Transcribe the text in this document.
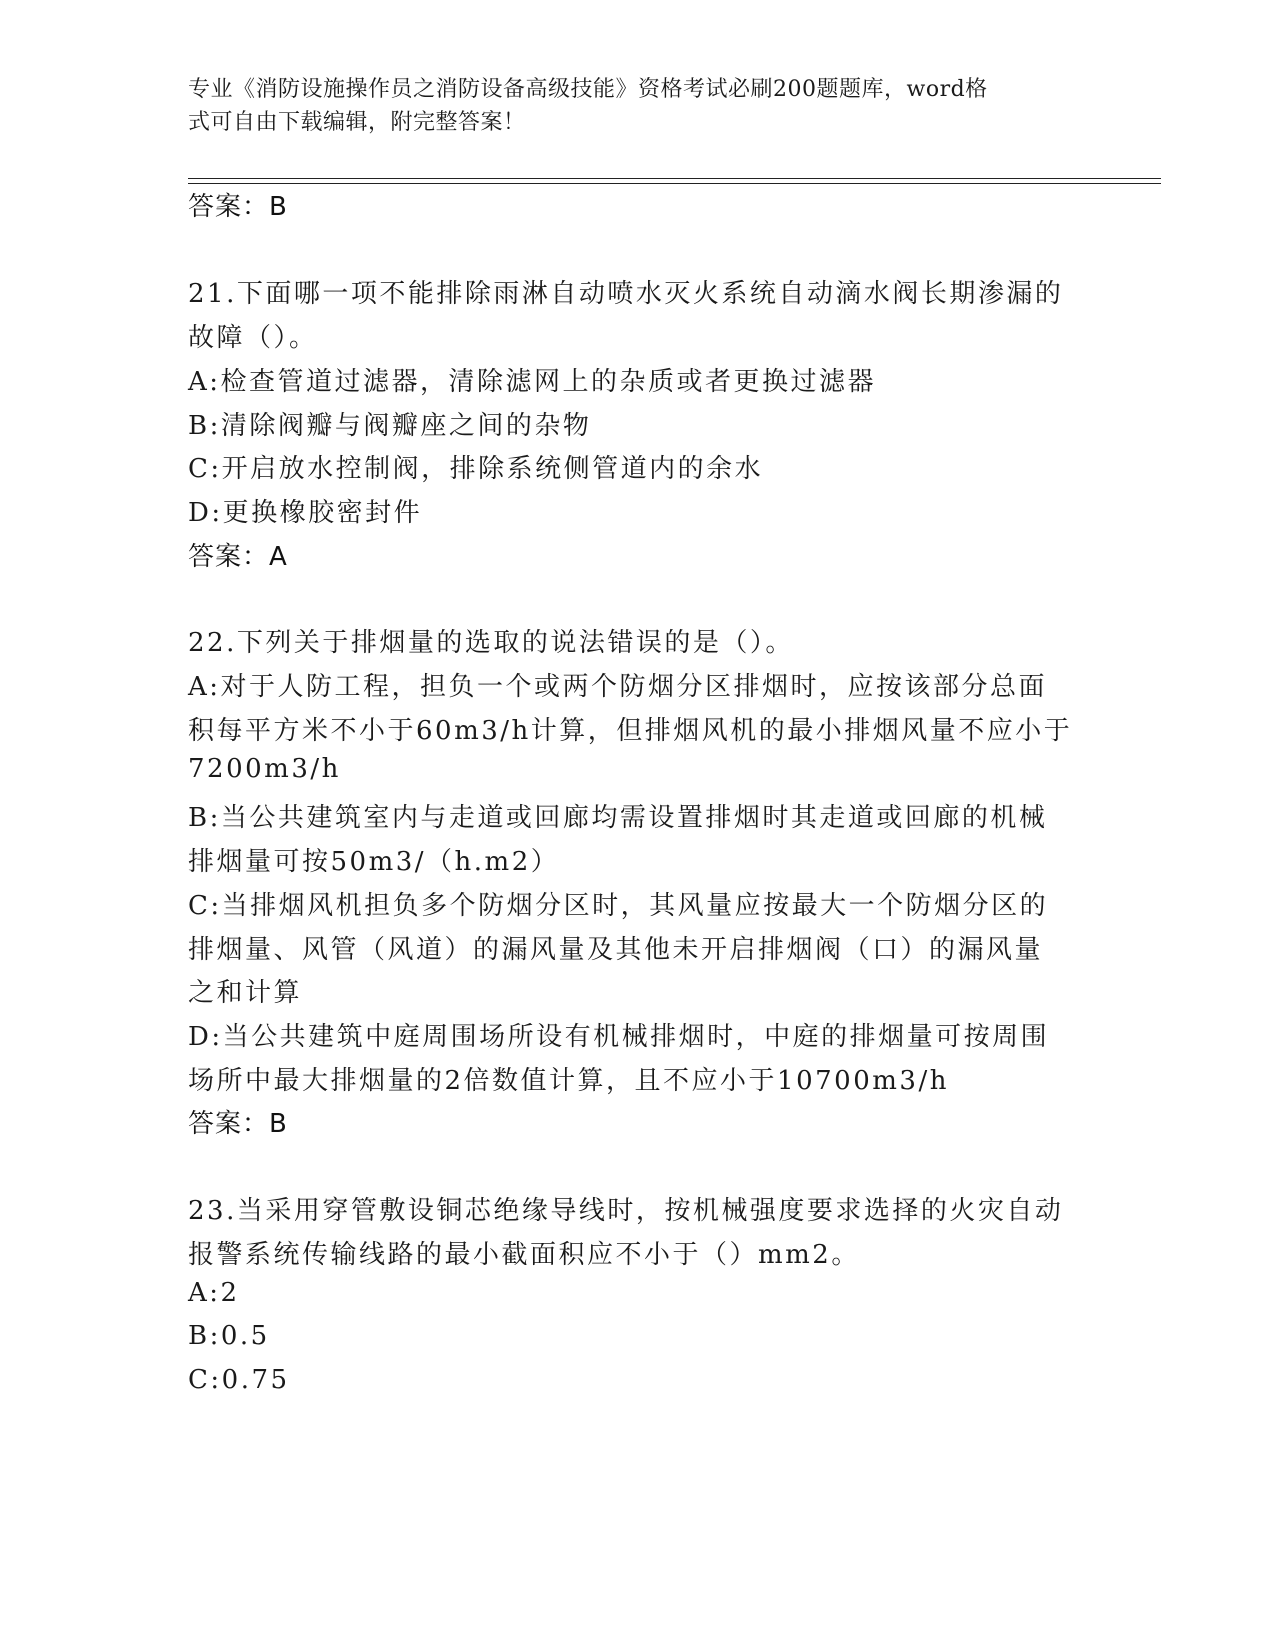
专业《消防设施操作员之消防设备高级技能》资格考试必刷200题题库，word格
式可自由下载编辑，附完整答案！
答案：B
21.下面哪一项不能排除雨淋自动喷水灭火系统自动滴水阀长期渗漏的
故障（）。
A:检查管道过滤器，清除滤网上的杂质或者更换过滤器
B:清除阀瓣与阀瓣座之间的杂物
C:开启放水控制阀，排除系统侧管道内的余水
D:更换橡胶密封件
答案：A
22.下列关于排烟量的选取的说法错误的是（）。
A:对于人防工程，担负一个或两个防烟分区排烟时，应按该部分总面
积每平方米不小于60m3/h计算，但排烟风机的最小排烟风量不应小于
7200m3/h
B:当公共建筑室内与走道或回廊均需设置排烟时其走道或回廊的机械
排烟量可按50m3/（h.m2）
C:当排烟风机担负多个防烟分区时，其风量应按最大一个防烟分区的
排烟量、风管（风道）的漏风量及其他未开启排烟阀（口）的漏风量
之和计算
D:当公共建筑中庭周围场所设有机械排烟时，中庭的排烟量可按周围
场所中最大排烟量的2倍数值计算，且不应小于10700m3/h
答案：B
23.当采用穿管敷设铜芯绝缘导线时，按机械强度要求选择的火灾自动
报警系统传输线路的最小截面积应不小于（）mm2。
A:2
B:0.5
C:0.75
